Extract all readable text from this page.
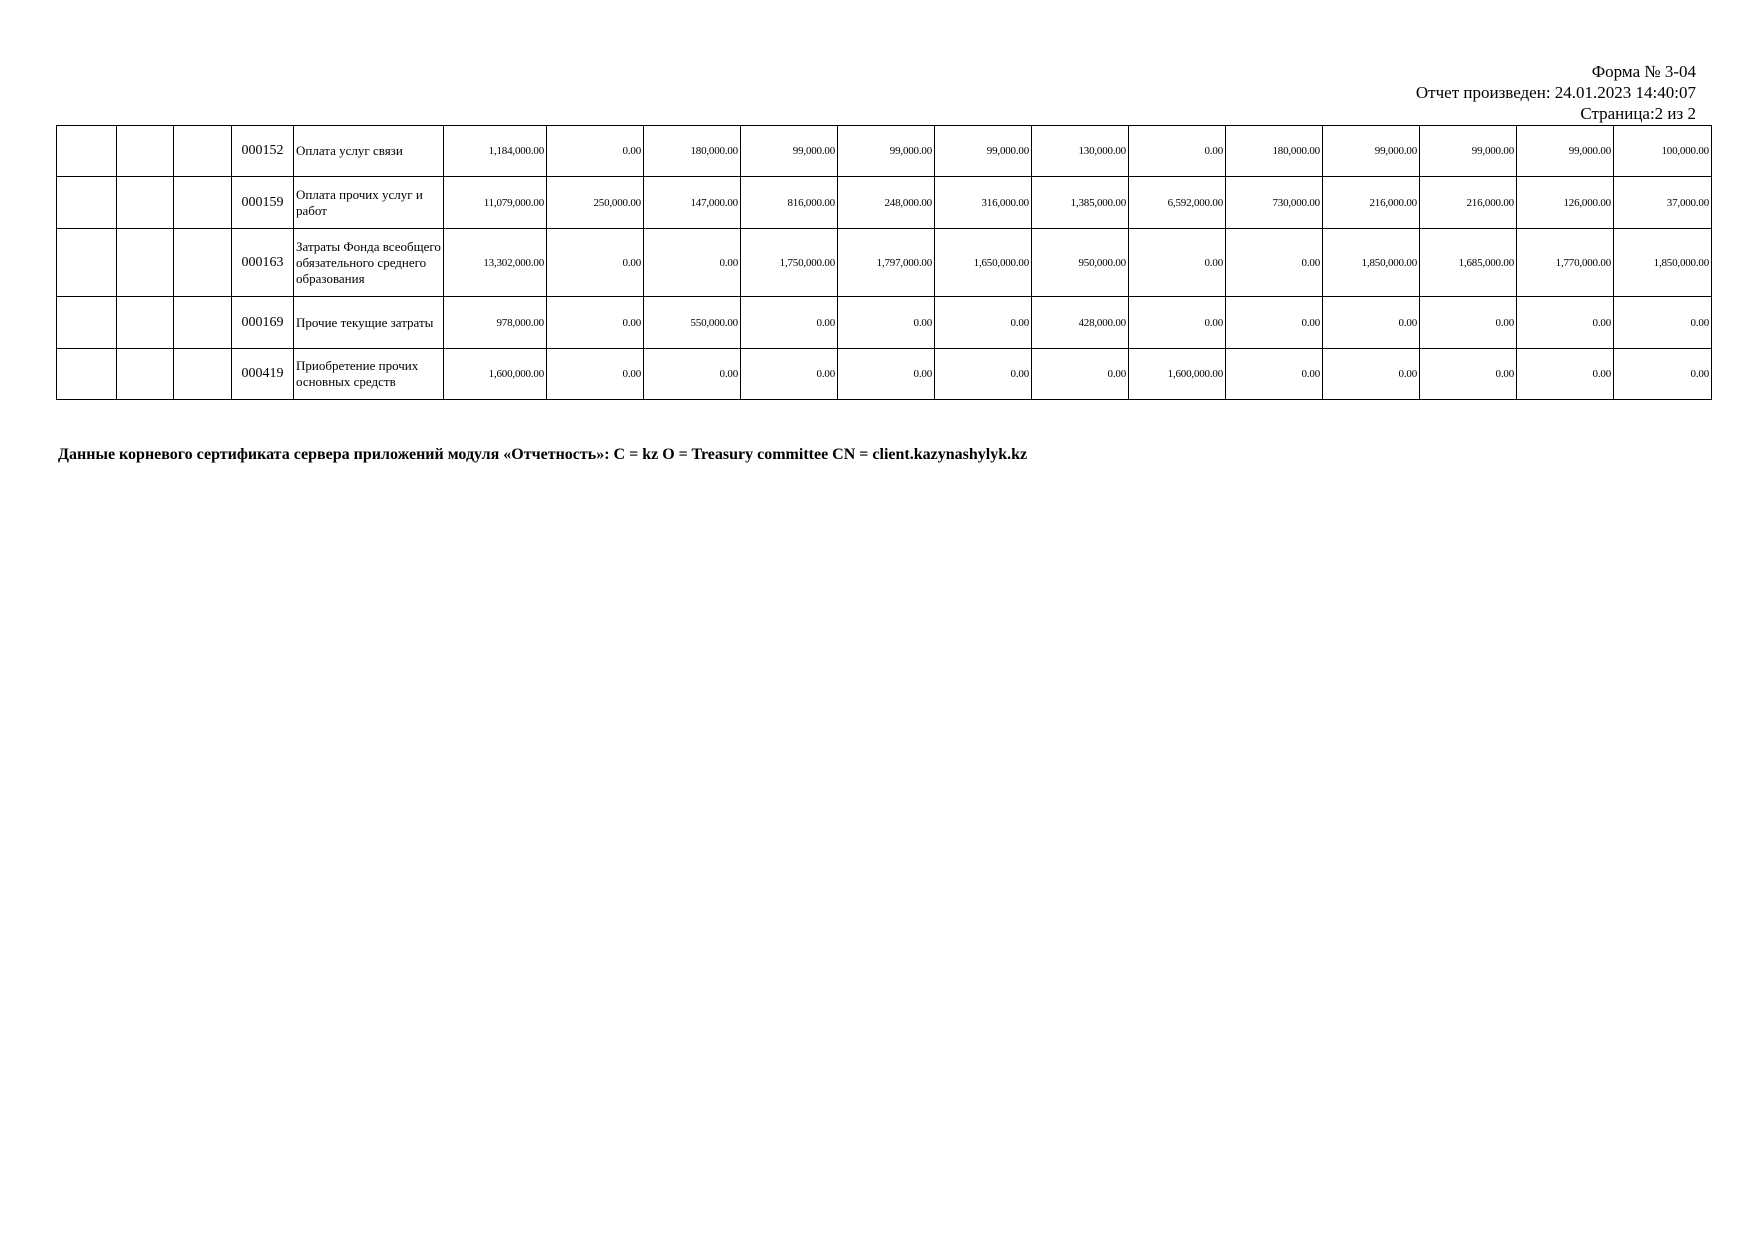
Форма № 3-04
Отчет произведен: 24.01.2023 14:40:07
Страница:2 из 2
			000152	Оплата услуг связи	1,184,000.00	0.00	180,000.00	99,000.00	99,000.00	99,000.00	130,000.00	0.00	180,000.00	99,000.00	99,000.00	99,000.00	100,000.00
			000159	Оплата прочих услуг и работ	11,079,000.00	250,000.00	147,000.00	816,000.00	248,000.00	316,000.00	1,385,000.00	6,592,000.00	730,000.00	216,000.00	216,000.00	126,000.00	37,000.00
			000163	Затраты Фонда всеобщего обязательного среднего образования	13,302,000.00	0.00	0.00	1,750,000.00	1,797,000.00	1,650,000.00	950,000.00	0.00	0.00	1,850,000.00	1,685,000.00	1,770,000.00	1,850,000.00
			000169	Прочие текущие затраты	978,000.00	0.00	550,000.00	0.00	0.00	0.00	428,000.00	0.00	0.00	0.00	0.00	0.00	0.00
			000419	Приобретение прочих основных средств	1,600,000.00	0.00	0.00	0.00	0.00	0.00	0.00	1,600,000.00	0.00	0.00	0.00	0.00	0.00
Данные корневого сертификата сервера приложений модуля «Отчетность»: C = kz O = Treasury committee CN = client.kazynashylyk.kz
